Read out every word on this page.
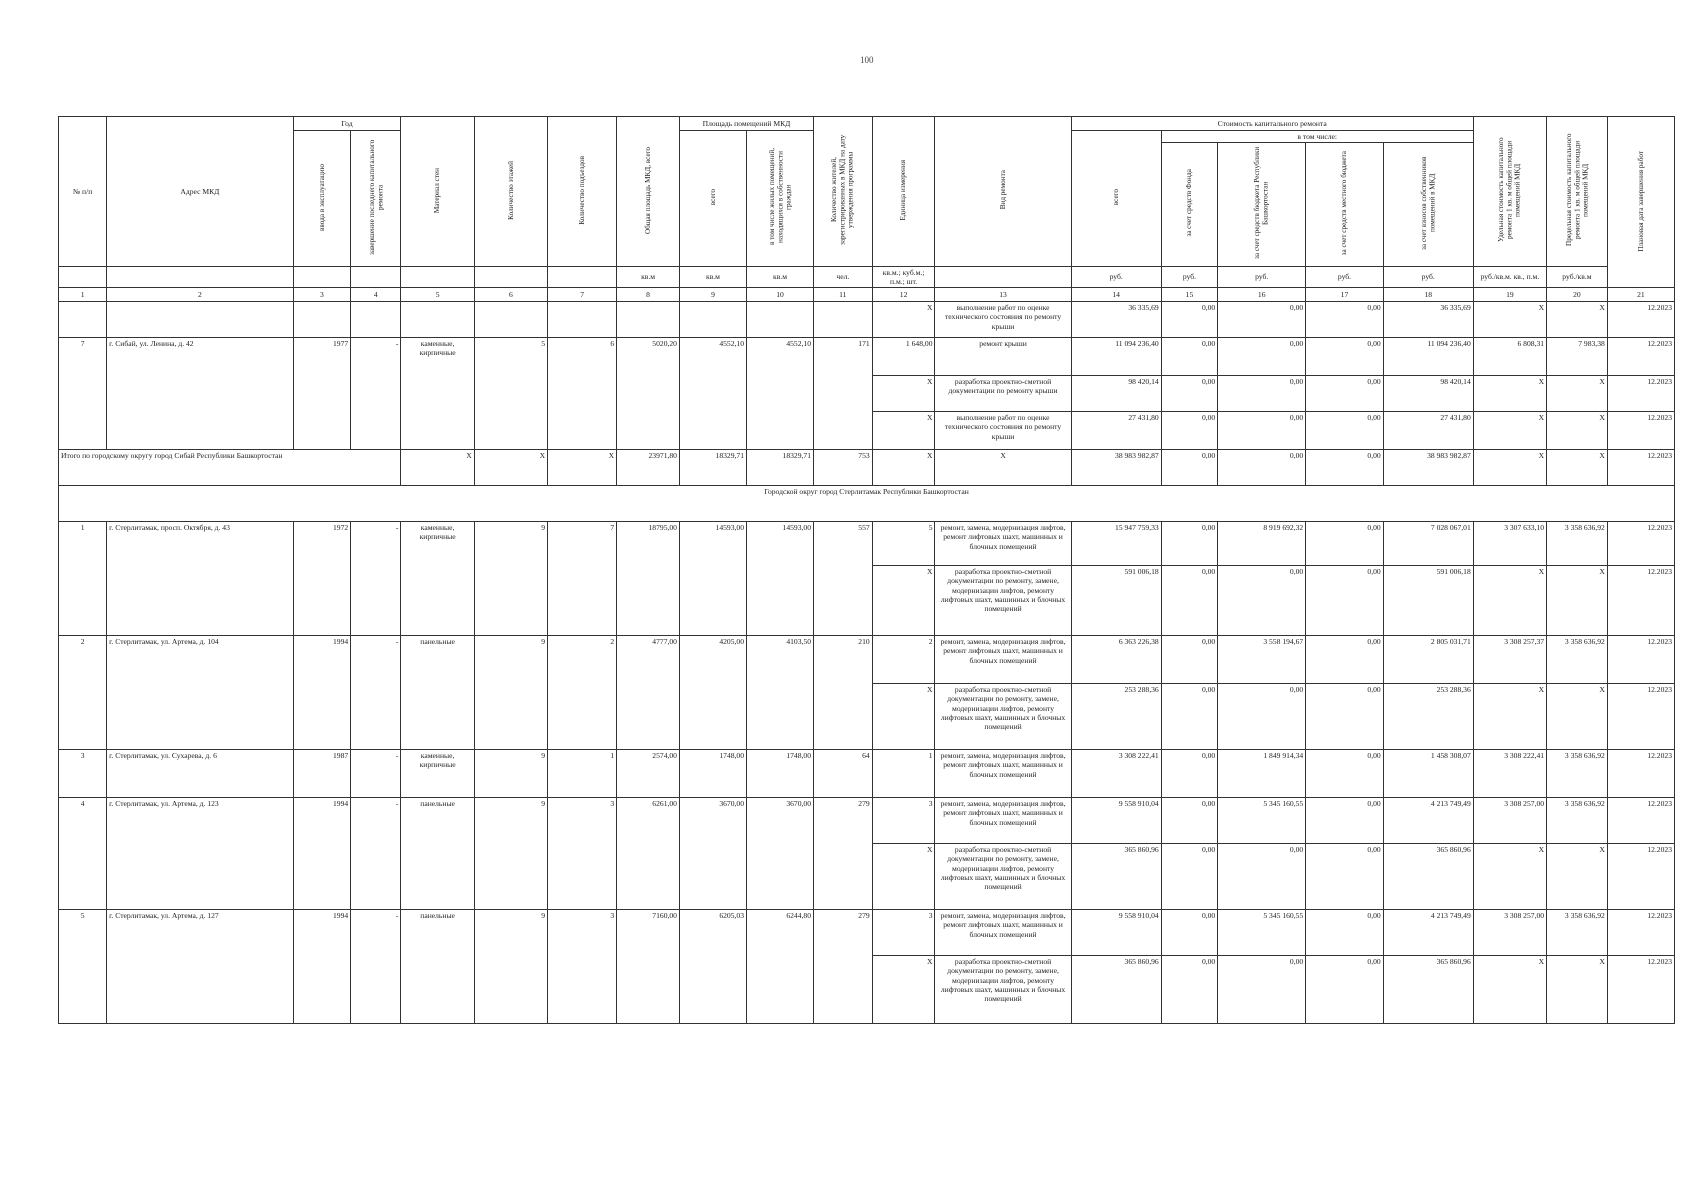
100
№ п/п	Адрес МКД	Год		Материал стен	Количество этажей	Количество подъездов	Общая площадь МКД, всего	Площадь помещений МКД		Количество жителей, зарегистрированных в МКД на дату утверждения программы	Единица измерения	Вид ремонта	Стоимость капитального ремонта					Удельная стоимость капитального ремонта 1 кв. м общей площади помещений МКД	Предельная стоимость капитального ремонта 1 кв. м общей площади помещений МКД	Плановая дата завершения работ
		ввода в эксплуатацию	завершение последнего капитального ремонта					всего	в том числе жилых помещений, находящихся в собственности граждан				всего	в том числе:						
														за счет средств Фонда	за счет средств бюджета Республики Башкортостан	за счет средств местного бюджета	за счет взносов собственников помещений в МКД			
							кв.м	кв.м	кв.м	чел.	кв.м.; куб.м.; п.м.; шт.		руб.	руб.	руб.	руб.	руб.	руб./кв.м. кв., п.м.	руб./кв.м	
1	2	3	4	5	6	7	8	9	10	11	12	13	14	15	16	17	18	19	20	21
											X	выполнение работ по оценке технического состояния по ремонту крыши	36 335,69	0,00	0,00	0,00	36 335,69	X	X	12.2023
7	г. Сибай, ул. Ленина, д. 42	1977	-	каменные, кирпичные	5	6	5020,20	4552,10	4552,10	171	1 648,00	ремонт крыши	11 094 236,40	0,00	0,00	0,00	11 094 236,40	6 808,31	7 983,38	12.2023
											X	разработка проектно-сметной документации по ремонту крыши	98 420,14	0,00	0,00	0,00	98 420,14	X	X	12.2023
											X	выполнение работ по оценке технического состояния по ремонту крыши	27 431,80	0,00	0,00	0,00	27 431,80	X	X	12.2023
Итого по городскому округу город Сибай Республики Башкортостан				X	X	X	23971,80	18329,71	18329,71	753	X	X	38 983 982,87	0,00	0,00	0,00	38 983 982,87	X	X	12.2023
Городской округ город Стерлитамак Республики Башкортостан																				
1	г. Стерлитамак, просп. Октября, д. 43	1972	-	каменные, кирпичные	9	7	18795,00	14593,00	14593,00	557	5	ремонт, замена, модернизация лифтов, ремонт лифтовых шахт, машинных и блочных помещений	15 947 759,33	0,00	8 919 692,32	0,00	7 028 067,01	3 307 633,10	3 358 636,92	12.2023
											X	разработка проектно-сметной документации по ремонту, замене, модернизации лифтов, ремонту лифтовых шахт, машинных и блочных помещений	591 006,18	0,00	0,00	0,00	591 006,18	X	X	12.2023
2	г. Стерлитамак, ул. Артема, д. 104	1994	-	панельные	9	2	4777,00	4205,00	4103,50	210	2	ремонт, замена, модернизация лифтов, ремонт лифтовых шахт, машинных и блочных помещений	6 363 226,38	0,00	3 558 194,67	0,00	2 805 031,71	3 308 257,37	3 358 636,92	12.2023
											X	разработка проектно-сметной документации по ремонту, замене, модернизации лифтов, ремонту лифтовых шахт, машинных и блочных помещений	253 288,36	0,00	0,00	0,00	253 288,36	X	X	12.2023
3	г. Стерлитамак, ул. Сухарева, д. 6	1987	-	каменные, кирпичные	9	1	2574,00	1748,00	1748,00	64	1	ремонт, замена, модернизация лифтов, ремонт лифтовых шахт, машинных и блочных помещений	3 308 222,41	0,00	1 849 914,34	0,00	1 458 308,07	3 308 222,41	3 358 636,92	12.2023
4	г. Стерлитамак, ул. Артема, д. 123	1994	-	панельные	9	3	6261,00	3670,00	3670,00	279	3	ремонт, замена, модернизация лифтов, ремонт лифтовых шахт, машинных и блочных помещений	9 558 910,04	0,00	5 345 160,55	0,00	4 213 749,49	3 308 257,00	3 358 636,92	12.2023
											X	разработка проектно-сметной документации по ремонту, замене, модернизации лифтов, ремонту лифтовых шахт, машинных и блочных помещений	365 860,96	0,00	0,00	0,00	365 860,96	X	X	12.2023
5	г. Стерлитамак, ул. Артема, д. 127	1994	-	панельные	9	3	7160,00	6205,03	6244,80	279	3	ремонт, замена, модернизация лифтов, ремонт лифтовых шахт, машинных и блочных помещений	9 558 910,04	0,00	5 345 160,55	0,00	4 213 749,49	3 308 257,00	3 358 636,92	12.2023
											X	разработка проектно-сметной документации по ремонту, замене, модернизации лифтов, ремонту лифтовых шахт, машинных и блочных помещений	365 860,96	0,00	0,00	0,00	365 860,96	X	X	12.2023
